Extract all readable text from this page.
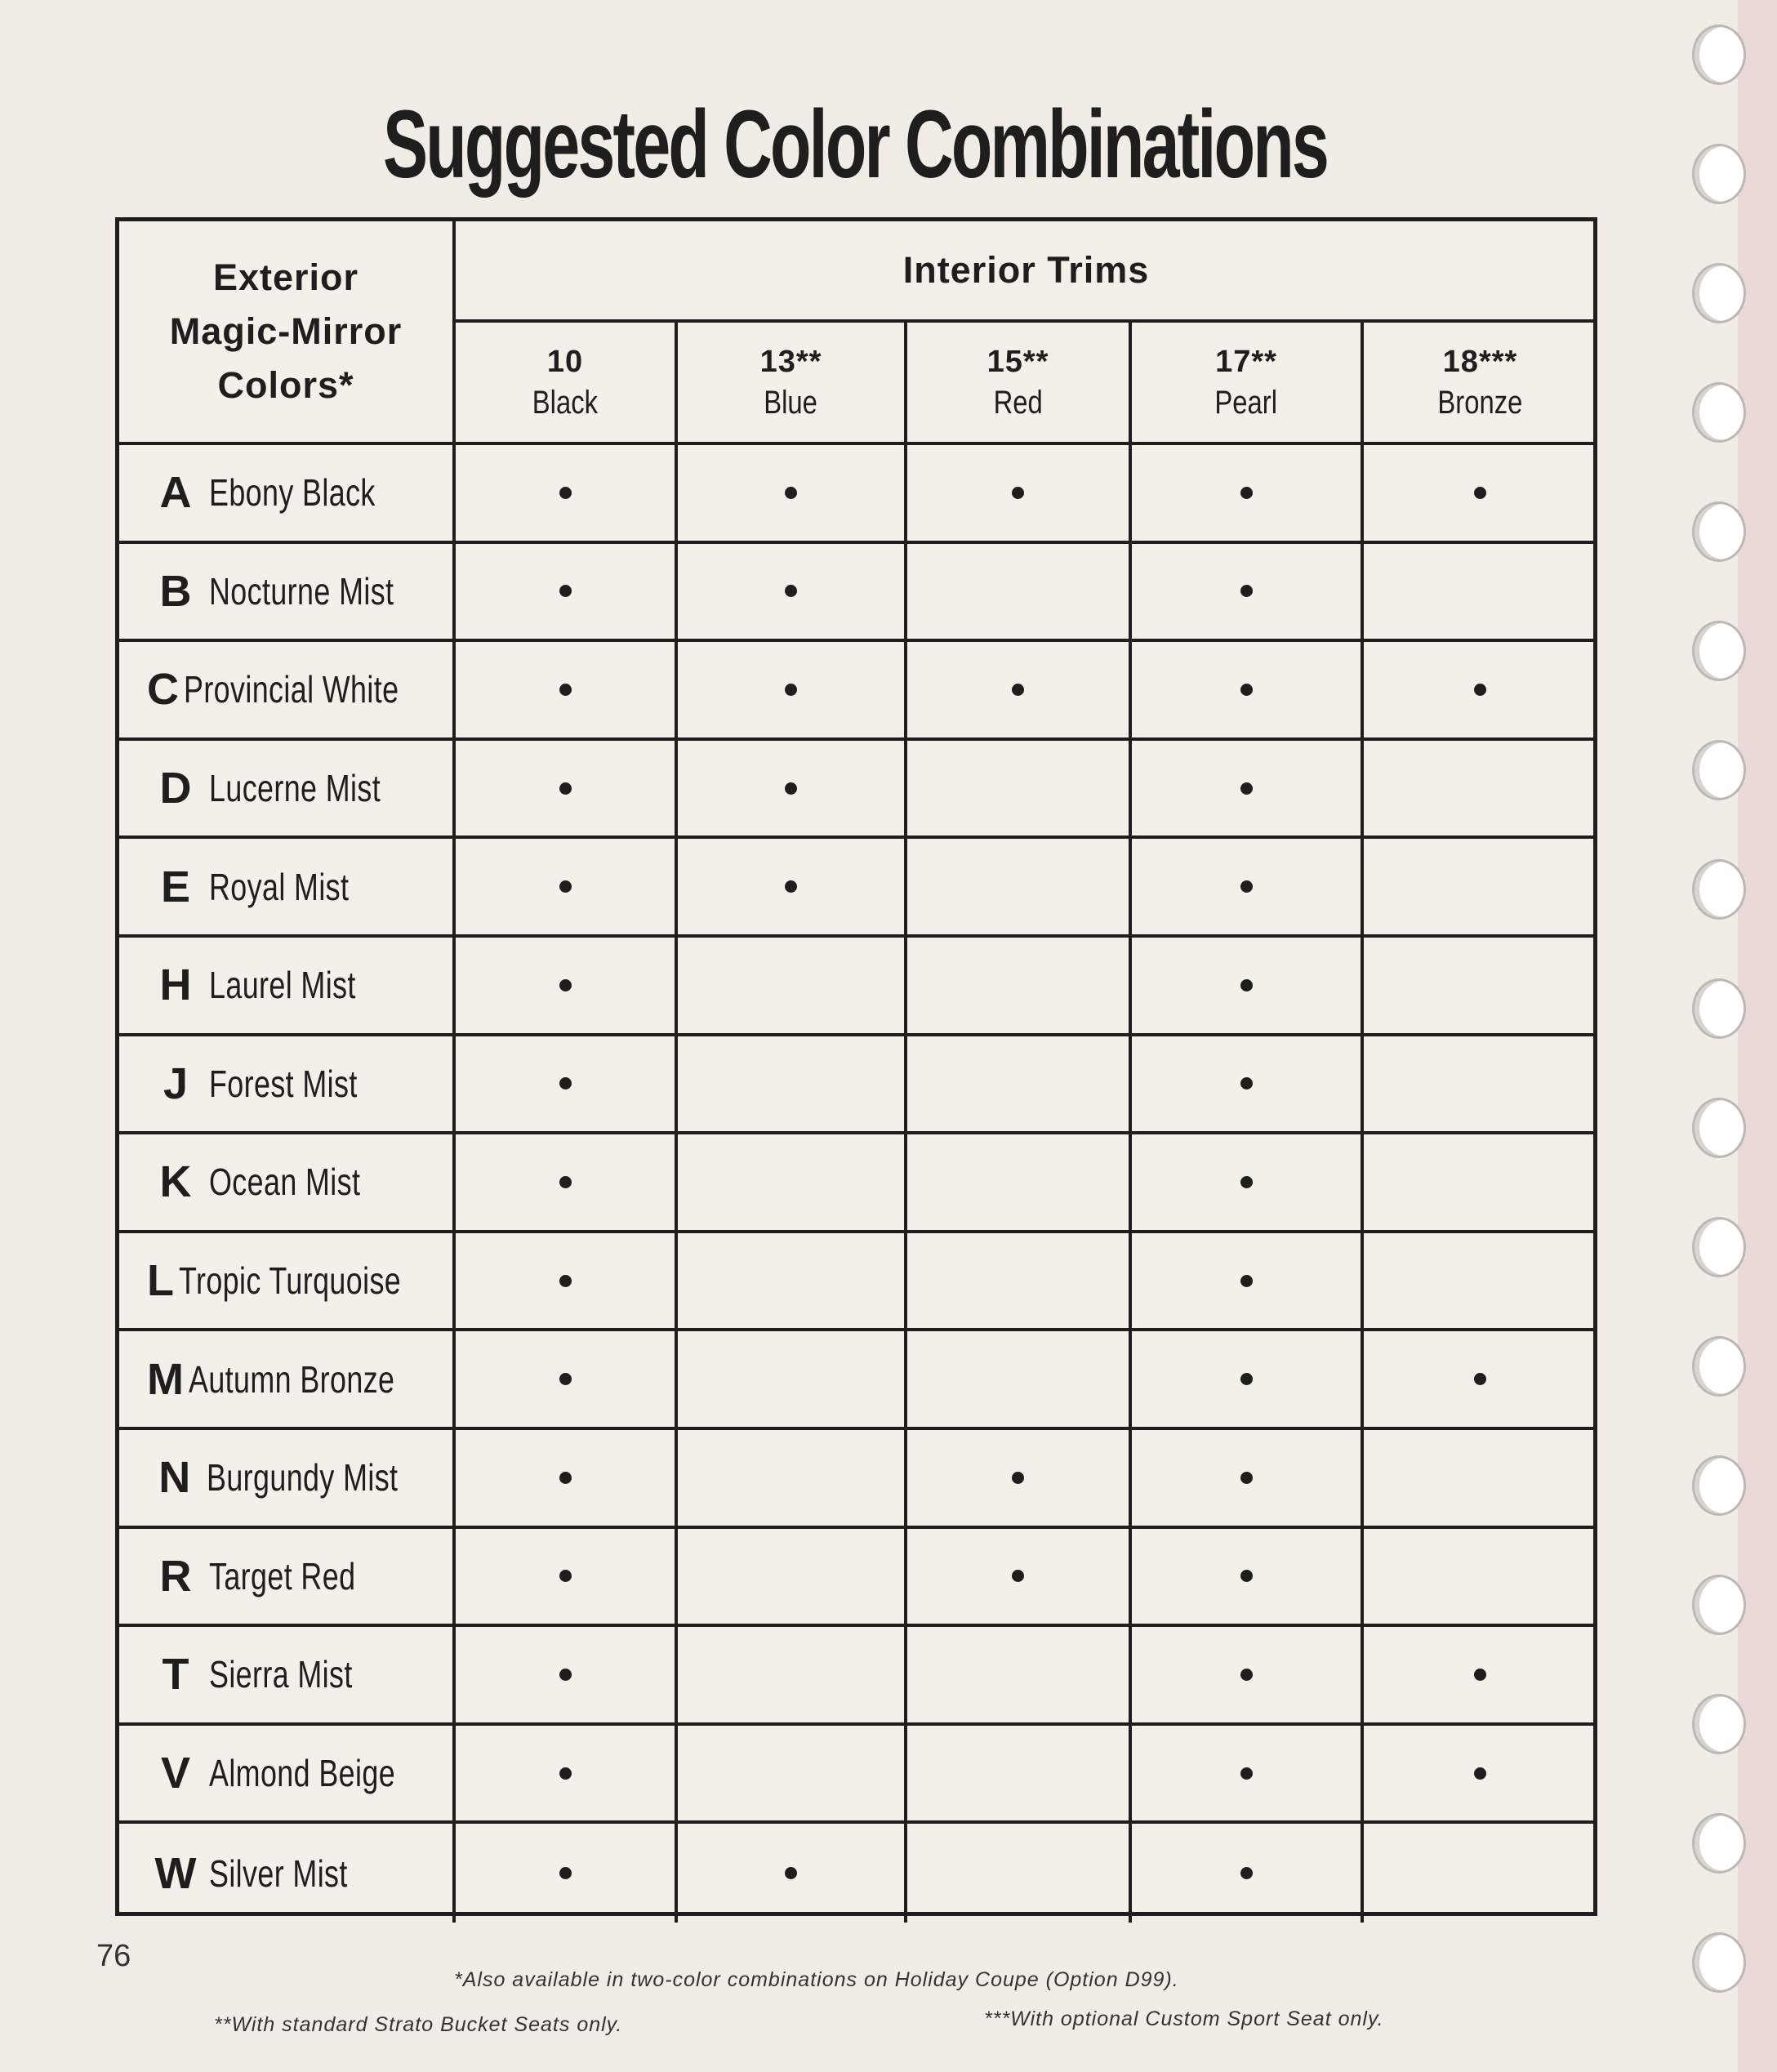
Suggested Color Combinations
Exterior
Magic-Mirror
Colors*
Interior Trims
10
Black
13**
Blue
15**
Red
17**
Pearl
18***
Bronze
A Ebony Black
B Nocturne Mist
C Provincial White
D Lucerne Mist
E Royal Mist
H Laurel Mist
J Forest Mist
K Ocean Mist
L Tropic Turquoise
M Autumn Bronze
N Burgundy Mist
R Target Red
T Sierra Mist
V Almond Beige
W Silver Mist
76
*Also available in two-color combinations on Holiday Coupe (Option D99).
**With standard Strato Bucket Seats only.	***With optional Custom Sport Seat only.
